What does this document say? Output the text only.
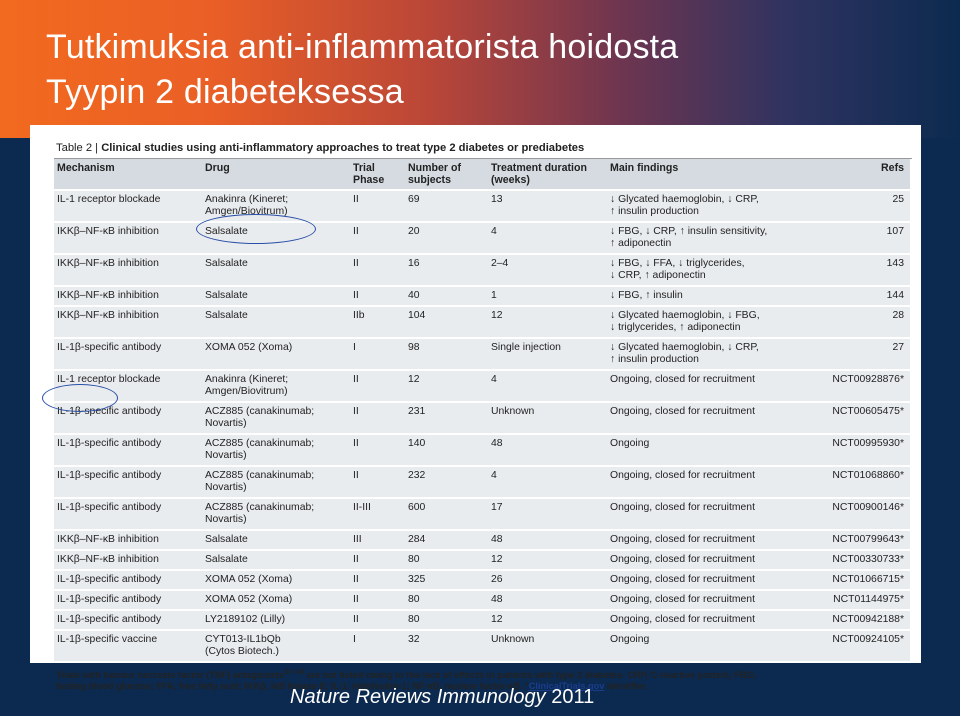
Tutkimuksia anti-inflammatorista hoidosta
Tyypin 2 diabeteksessa
Table 2 | Clinical studies using anti-inflammatory approaches to treat type 2 diabetes or prediabetes
Mechanism	Drug	Trial Phase	Number of subjects	Treatment duration (weeks)	Main findings	Refs
IL-1 receptor blockade	Anakinra (Kineret;
Amgen/Biovitrum)	II	69	13	↓ Glycated haemoglobin, ↓ CRP,
↑ insulin production	25
IKKβ–NF-κB inhibition	Salsalate	II	20	4	↓ FBG, ↓ CRP, ↑ insulin sensitivity,
↑ adiponectin	107
IKKβ–NF-κB inhibition	Salsalate	II	16	2–4	↓ FBG, ↓ FFA, ↓ triglycerides,
↓ CRP, ↑ adiponectin	143
IKKβ–NF-κB inhibition	Salsalate	II	40	1	↓ FBG, ↑ insulin	144
IKKβ–NF-κB inhibition	Salsalate	IIb	104	12	↓ Glycated haemoglobin, ↓ FBG,
↓ triglycerides, ↑ adiponectin	28
IL-1β-specific antibody	XOMA 052 (Xoma)	I	98	Single injection	↓ Glycated haemoglobin, ↓ CRP,
↑ insulin production	27
IL-1 receptor blockade	Anakinra (Kineret;
Amgen/Biovitrum)	II	12	4	Ongoing, closed for recruitment	NCT00928876*
IL-1β-specific antibody	ACZ885 (canakinumab;
Novartis)	II	231	Unknown	Ongoing, closed for recruitment	NCT00605475*
IL-1β-specific antibody	ACZ885 (canakinumab;
Novartis)	II	140	48	Ongoing	NCT00995930*
IL-1β-specific antibody	ACZ885 (canakinumab;
Novartis)	II	232	4	Ongoing, closed for recruitment	NCT01068860*
IL-1β-specific antibody	ACZ885 (canakinumab;
Novartis)	II-III	600	17	Ongoing, closed for recruitment	NCT00900146*
IKKβ–NF-κB inhibition	Salsalate	III	284	48	Ongoing, closed for recruitment	NCT00799643*
IKKβ–NF-κB inhibition	Salsalate	II	80	12	Ongoing, closed for recruitment	NCT00330733*
IL-1β-specific antibody	XOMA 052 (Xoma)	II	325	26	Ongoing, closed for recruitment	NCT01066715*
IL-1β-specific antibody	XOMA 052 (Xoma)	II	80	48	Ongoing, closed for recruitment	NCT01144975*
IL-1β-specific antibody	LY2189102 (Lilly)	II	80	12	Ongoing, closed for recruitment	NCT00942188*
IL-1β-specific vaccine	CYT013-IL1bQb
(Cytos Biotech.)	I	32	Unknown	Ongoing	NCT00924105*
Trials with tumour necrosis factor (TNF) antagonists$^{31-40}$ are not listed owing to the lack of effects in patients with type 2 diabetes. CRP, C-reactive protein; FBG,
fasting blood glucose; FFA, free fatty acid; IKKβ, IκB kinase-β; IL-1, interleukin-1; NF-κB, nuclear factor-κB. *ClinicalTrials.gov identifier.
Nature Reviews Immunology 2011
